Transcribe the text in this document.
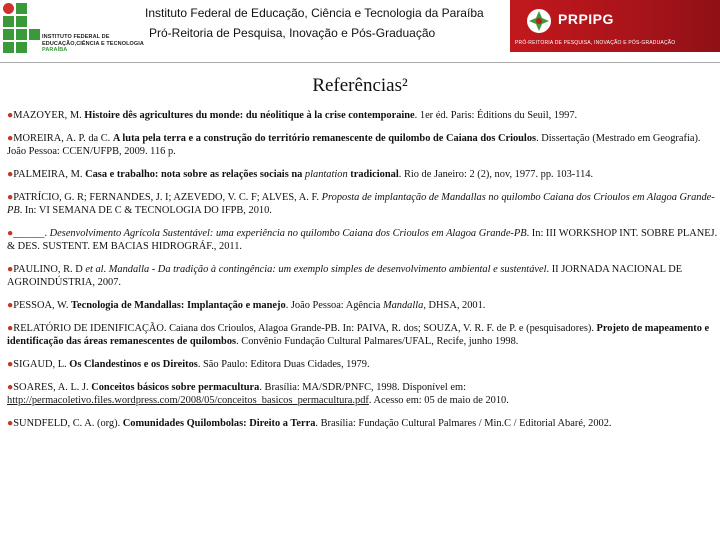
INSTITUTO FEDERAL DE
EDUCAÇÃO,CIÊNCIA E TECNOLOGIA
PARAÍBA
Instituto Federal de Educação, Ciência e Tecnologia da Paraíba
Pró-Reitoria de Pesquisa, Inovação e Pós-Graduação
PRPIPG
PRÓ-REITORIA DE PESQUISA, INOVAÇÃO E PÓS-GRADUAÇÃO
Referências²
●MAZOYER, M. Histoire dês agricultures du monde: du néolitique à la crise contemporaine. 1er éd. Paris: Éditions du Seuil, 1997.
●MOREIRA, A. P. da C. A luta pela terra e a construção do território remanescente de quilombo de Caiana dos Crioulos. Dissertação (Mestrado em Geografia). João Pessoa: CCEN/UFPB, 2009. 116 p.
●PALMEIRA, M. Casa e trabalho: nota sobre as relações sociais na plantation tradicional. Rio de Janeiro: 2 (2), nov, 1977. pp. 103-114.
●PATRÍCIO, G. R; FERNANDES, J. I; AZEVEDO, V. C. F; ALVES, A. F. Proposta de implantação de Mandallas no quilombo Caiana dos Crioulos em Alagoa Grande-PB. In: VI SEMANA DE C & TECNOLOGIA DO IFPB, 2010.
●______. Desenvolvimento Agrícola Sustentável: uma experiência no quilombo Caiana dos Crioulos em Alagoa Grande-PB. In: III WORKSHOP INT. SOBRE PLANEJ. & DES. SUSTENT. EM BACIAS HIDROGRÁF., 2011.
●PAULINO, R. D et al. Mandalla - Da tradição à contingência: um exemplo simples de desenvolvimento ambiental e sustentável. II JORNADA NACIONAL DE AGROINDÚSTRIA, 2007.
●PESSOA, W. Tecnologia de Mandallas: Implantação e manejo. João Pessoa: Agência Mandalla, DHSA, 2001.
●RELATÓRIO DE IDENIFICAÇÃO. Caiana dos Crioulos, Alagoa Grande-PB. In: PAIVA, R. dos; SOUZA, V. R. F. de P. e (pesquisadores). Projeto de mapeamento e identificação das áreas remanescentes de quilombos. Convênio Fundação Cultural Palmares/UFAL, Recife, junho 1998.
●SIGAUD, L. Os Clandestinos e os Direitos. São Paulo: Editora Duas Cidades, 1979.
●SOARES, A. L. J. Conceitos básicos sobre permacultura. Brasília: MA/SDR/PNFC, 1998. Disponível em: http://permacoletivo.files.wordpress.com/2008/05/conceitos_basicos_permacultura.pdf. Acesso em: 05 de maio de 2010.
●SUNDFELD, C. A. (org). Comunidades Quilombolas: Direito a Terra. Brasília: Fundação Cultural Palmares / Min.C / Editorial Abaré, 2002.
